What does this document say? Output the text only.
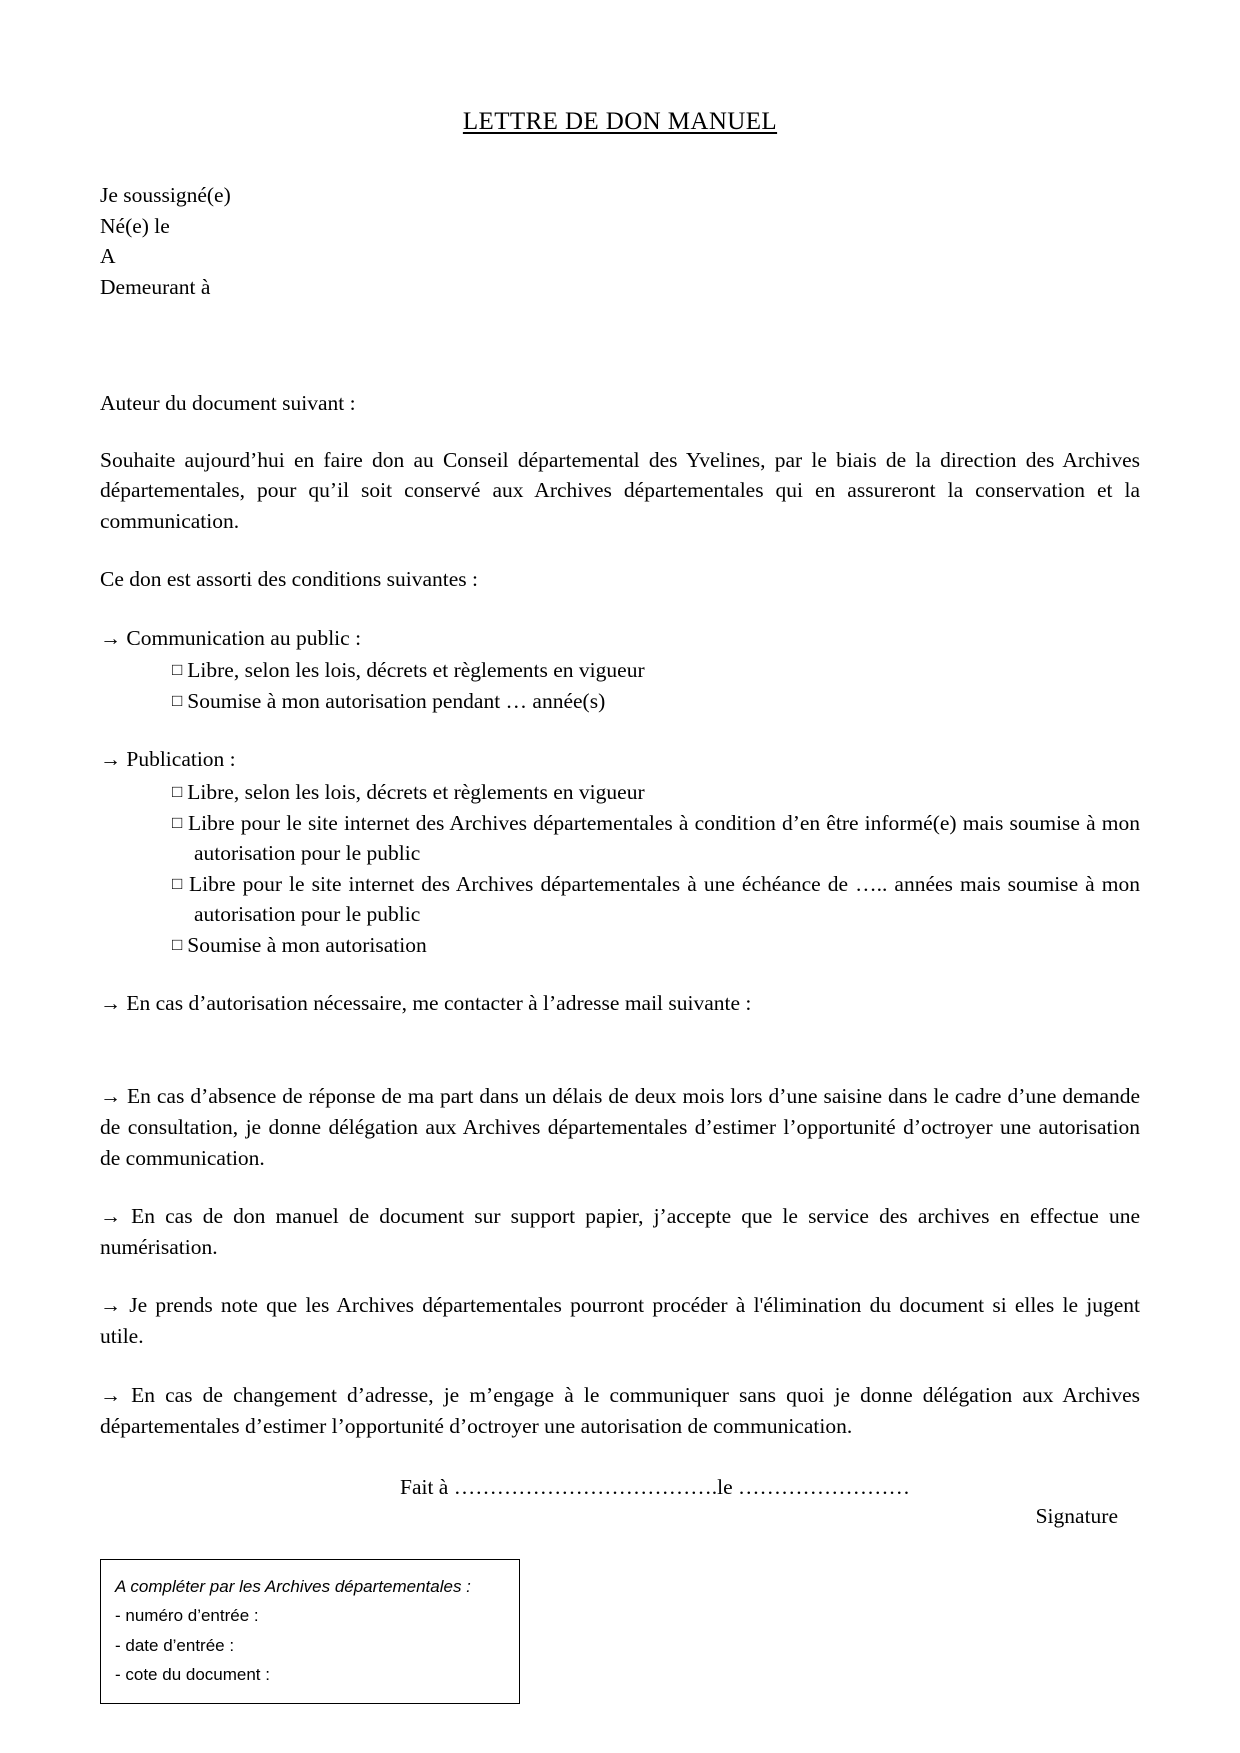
LETTRE DE DON MANUEL
Je soussigné(e)
Né(e) le
A
Demeurant à
Auteur du document suivant :
Souhaite aujourd’hui en faire don au Conseil départemental des Yvelines, par le biais de la direction des Archives départementales, pour qu’il soit conservé aux Archives départementales qui en assureront la conservation et la communication.
Ce don est assorti des conditions suivantes :
→ Communication au public :
□ Libre, selon les lois, décrets et règlements en vigueur
□ Soumise à mon autorisation pendant … année(s)
→ Publication :
□ Libre, selon les lois, décrets et règlements en vigueur
□ Libre pour le site internet des Archives départementales à condition d’en être informé(e) mais soumise à mon autorisation pour le public
□ Libre pour le site internet des Archives départementales à une échéance de ….. années mais soumise à mon autorisation pour le public
□ Soumise à mon autorisation
→ En cas d’autorisation nécessaire, me contacter à l’adresse mail suivante :
→ En cas d’absence de réponse de ma part dans un délais de deux mois lors d’une saisine dans le cadre d’une demande de consultation, je donne délégation aux Archives départementales d’estimer l’opportunité d’octroyer une autorisation de communication.
→ En cas de don manuel de document sur support papier, j’accepte que le service des archives en effectue une numérisation.
→ Je prends note que les Archives départementales pourront procéder à l'élimination du document si elles le jugent utile.
→ En cas de changement d’adresse, je m’engage à le communiquer sans quoi je donne délégation aux Archives départementales d’estimer l’opportunité d’octroyer une autorisation de communication.
Fait à ……………………………….le ……………………
Signature
A compléter par les Archives départementales :
- numéro d’entrée :
- date d’entrée :
- cote du document :
